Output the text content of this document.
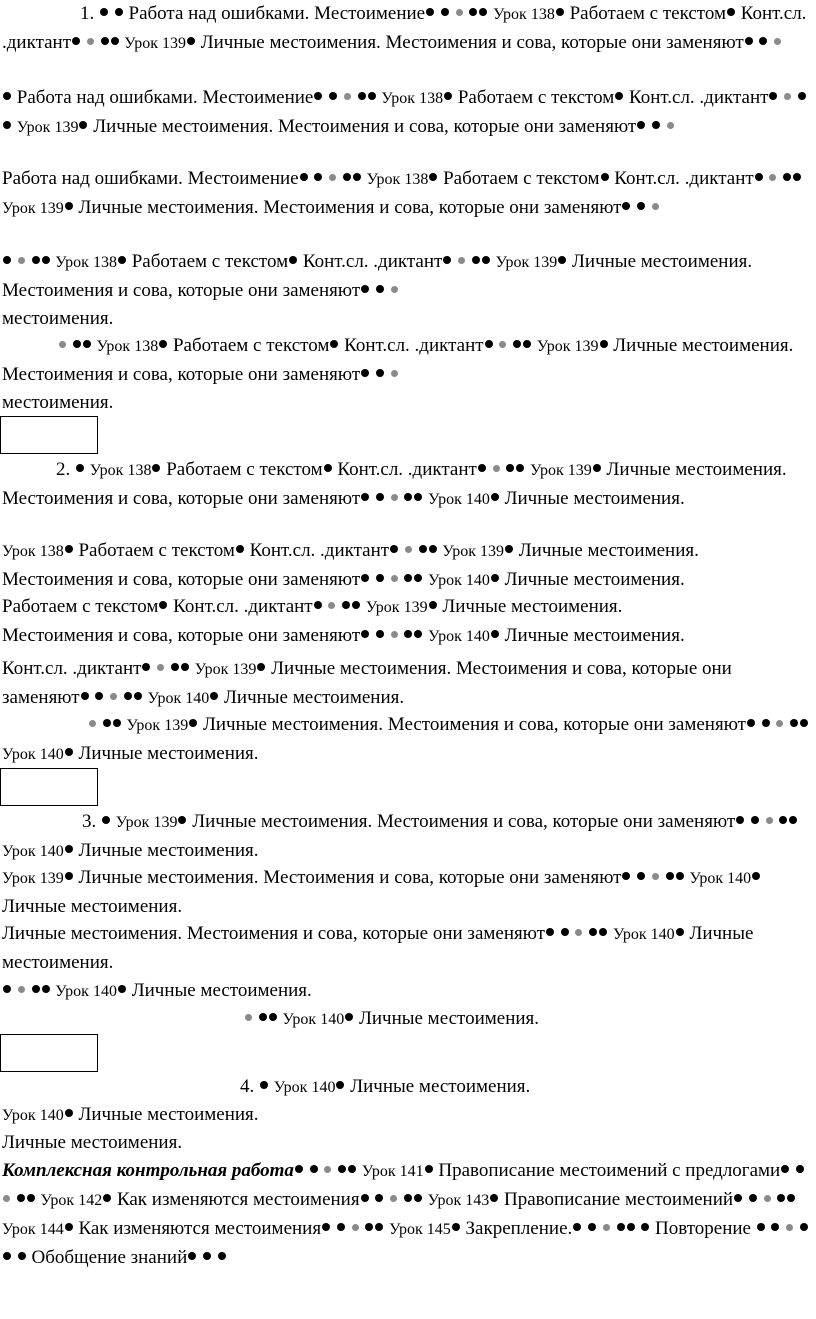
1. Работа над ошибками. Местоимение	Урок 138 Работаем с текстом Конт.сл. .диктант	Урок 139 Личные местоимения. Местоимения и сова, которые они заменяют

Работа над ошибками. Местоимение	Урок 138 Работаем с текстом Конт.сл. .диктант   Урок 139 Личные местоимения. Местоимения и сова, которые они заменяют

Работа над ошибками. Местоимение	Урок 138 Работаем с текстом Конт.сл. .диктант   Урок 139 Личные местоимения. Местоимения и сова, которые они заменяют

Урок 138 Работаем с текстом Конт.сл. .диктант	Урок 139 Личные местоимения. Местоимения и сова, которые они заменяют
местоимения.

Урок 138 Работаем с текстом Конт.сл. .диктант	Урок 139 Личные местоимения. Местоимения и сова, которые они заменяют
местоимения.

2. Урок 138 Работаем с текстом Конт.сл. .диктант	Урок 139 Личные местоимения. Местоимения и сова, которые они заменяют	Урок 140 Личные местоимения.

Урок 138 Работаем с текстом Конт.сл. .диктант	Урок 139 Личные местоимения. Местоимения и сова, которые они заменяют	Урок 140 Личные местоимения.

Работаем с текстом Конт.сл. .диктант	Урок 139 Личные местоимения.
Местоимения и сова, которые они заменяют	Урок 140 Личные местоимения.

Конт.сл. .диктант	Урок 139 Личные местоимения. Местоимения и сова, которые они заменяют	Урок 140 Личные местоимения.

Урок 139 Личные местоимения. Местоимения и сова, которые они заменяют    Урок 140 Личные местоимения.

3. Урок 139 Личные местоимения. Местоимения и сова, которые они заменяют    Урок 140 Личные местоимения.

Урок 139 Личные местоимения. Местоимения и сова, которые они заменяют	Урок 140 Личные местоимения.

Личные местоимения. Местоимения и сова, которые они заменяют	Урок 140 Личные местоимения.

Урок 140 Личные местоимения.

Урок 140 Личные местоимения.

4. Урок 140 Личные местоимения.

Урок 140 Личные местоимения.

Личные местоимения.

Комплексная контрольная работа	Урок 141 Правописание местоимений с предлогами    Урок 142 Как изменяются местоимения	Урок 143 Правописание местоимений    Урок 144 Как изменяются местоимения	Урок 145 Закрепление.	Повторение      Обобщение знаний
